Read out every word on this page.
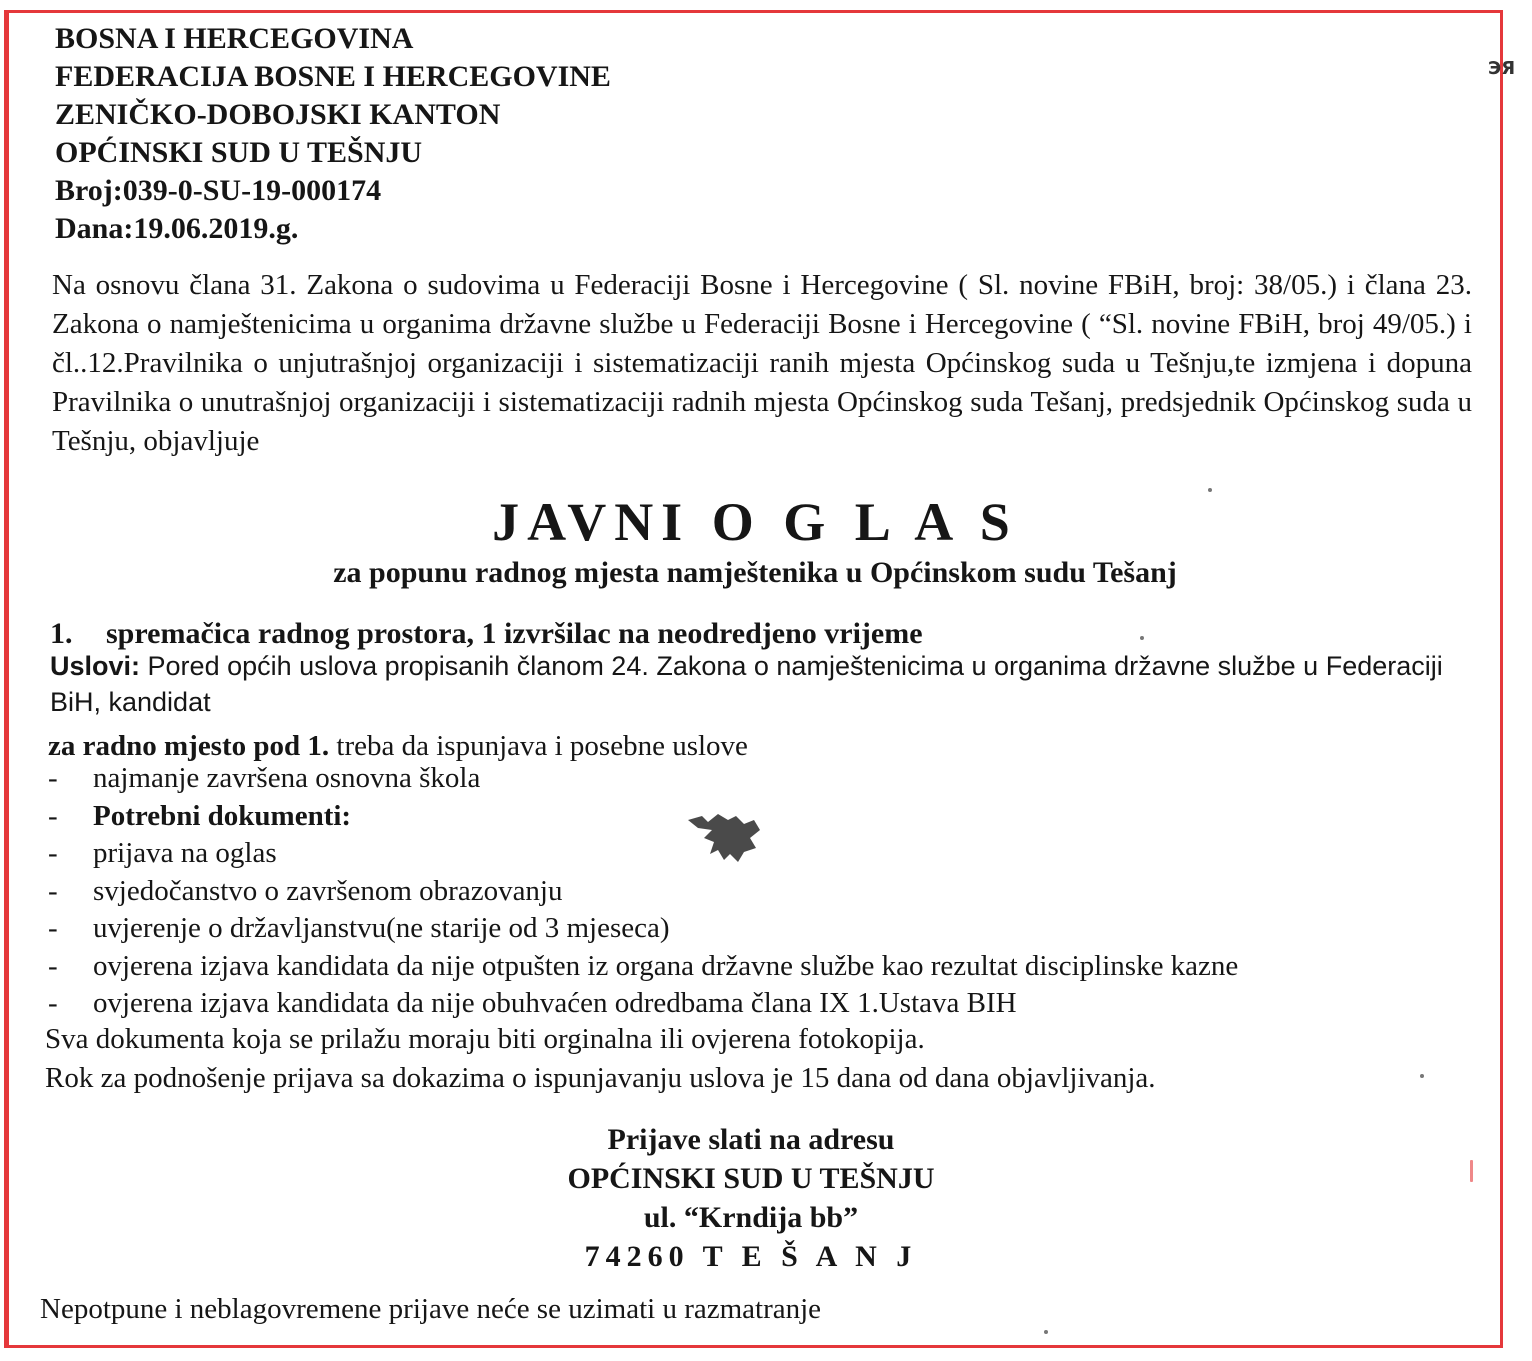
ЭЯ
BOSNA I HERCEGOVINA
FEDERACIJA BOSNE I HERCEGOVINE
ZENIČKO-DOBOJSKI KANTON
OPĆINSKI SUD U TEŠNJU
Broj:039-0-SU-19-000174
Dana:19.06.2019.g.
Na osnovu člana 31. Zakona o sudovima u Federaciji Bosne i Hercegovine ( Sl. novine FBiH, broj: 38/05.) i člana 23. Zakona o namještenicima u organima državne službe u Federaciji Bosne i Hercegovine ( “Sl. novine FBiH, broj 49/05.) i čl..12.Pravilnika o unjutrašnjoj organizaciji i sistematizaciji ranih mjesta Općinskog suda u Tešnju,te izmjena i dopuna Pravilnika o unutrašnjoj organizaciji i sistematizaciji radnih mjesta Općinskog suda Tešanj, predsjednik Općinskog suda u Tešnju, objavljuje
JAVNI O G L A S
za popunu radnog mjesta namještenika u Općinskom sudu Tešanj
1. spremačica radnog prostora, 1 izvršilac na neodredjeno vrijeme
Uslovi: Pored općih uslova propisanih članom 24. Zakona o namještenicima u organima državne službe u Federaciji BiH, kandidat
za radno mjesto pod 1. treba da ispunjava i posebne uslove
- najmanje završena osnovna škola
- Potrebni dokumenti:
- prijava na oglas
- svjedočanstvo o završenom obrazovanju
- uvjerenje o državljanstvu(ne starije od 3 mjeseca)
- ovjerena izjava kandidata da nije otpušten iz organa državne službe kao rezultat disciplinske kazne
- ovjerena izjava kandidata da nije obuhvaćen odredbama člana IX 1.Ustava BIH
Sva dokumenta koja se prilažu moraju biti orginalna ili ovjerena fotokopija.
Rok za podnošenje prijava sa dokazima o ispunjavanju uslova je 15 dana od dana objavljivanja.
Prijave slati na adresu
OPĆINSKI SUD U TEŠNJU
ul. “Krndija bb”
74260 T E Š A N J
Nepotpune i neblagovremene prijave neće se uzimati u razmatranje
